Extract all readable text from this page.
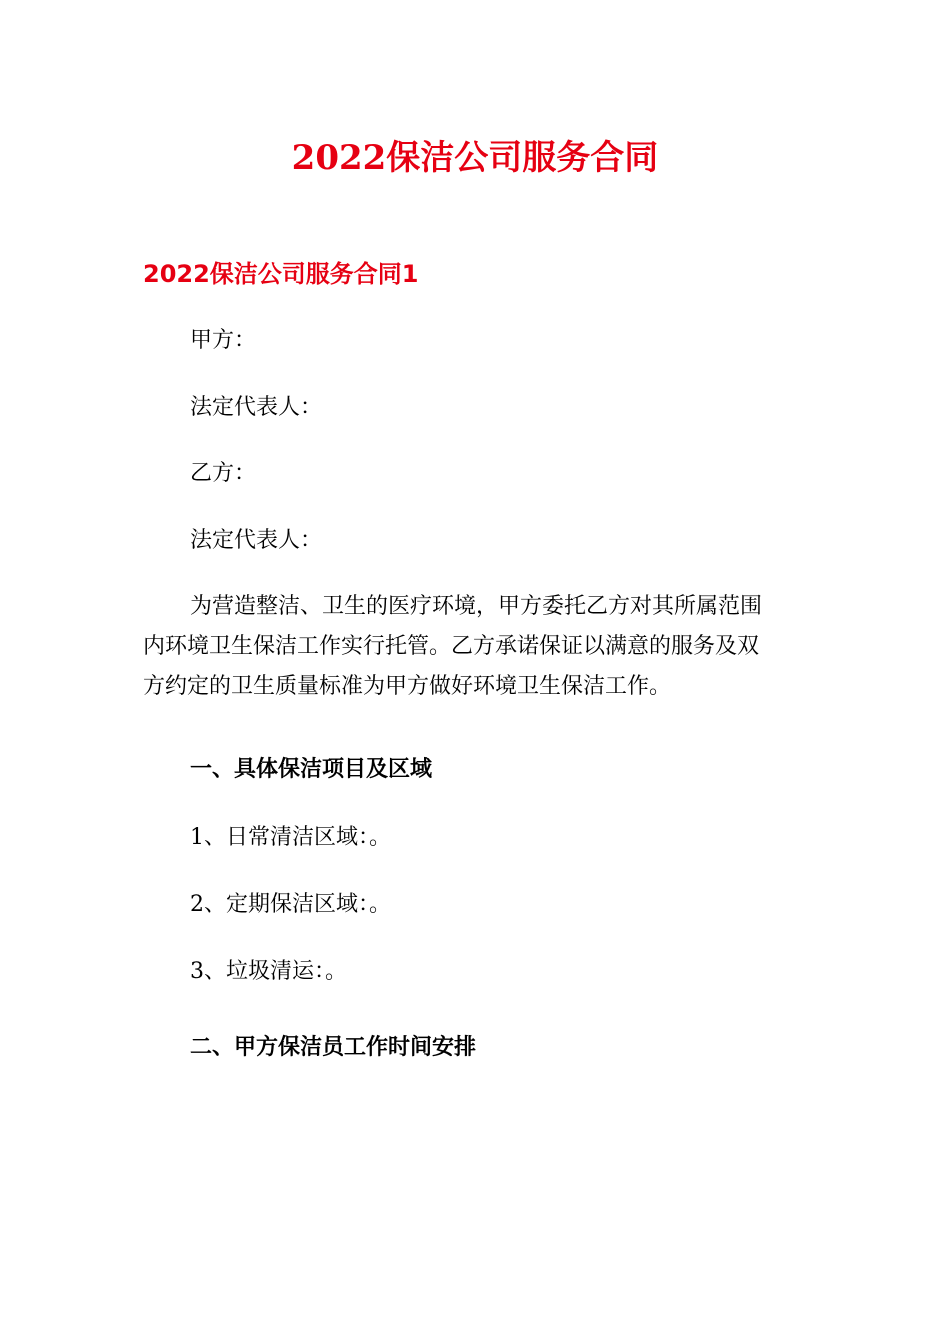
2022保洁公司服务合同
2022保洁公司服务合同1

甲方：

法定代表人：

乙方：

法定代表人：

为营造整洁、卫生的医疗环境，甲方委托乙方对其所属范围
内环境卫生保洁工作实行托管。乙方承诺保证以满意的服务及双
方约定的卫生质量标准为甲方做好环境卫生保洁工作。
一、具体保洁项目及区域

1、日常清洁区域：。

2、定期保洁区域：。

3、垃圾清运：。

二、甲方保洁员工作时间安排
